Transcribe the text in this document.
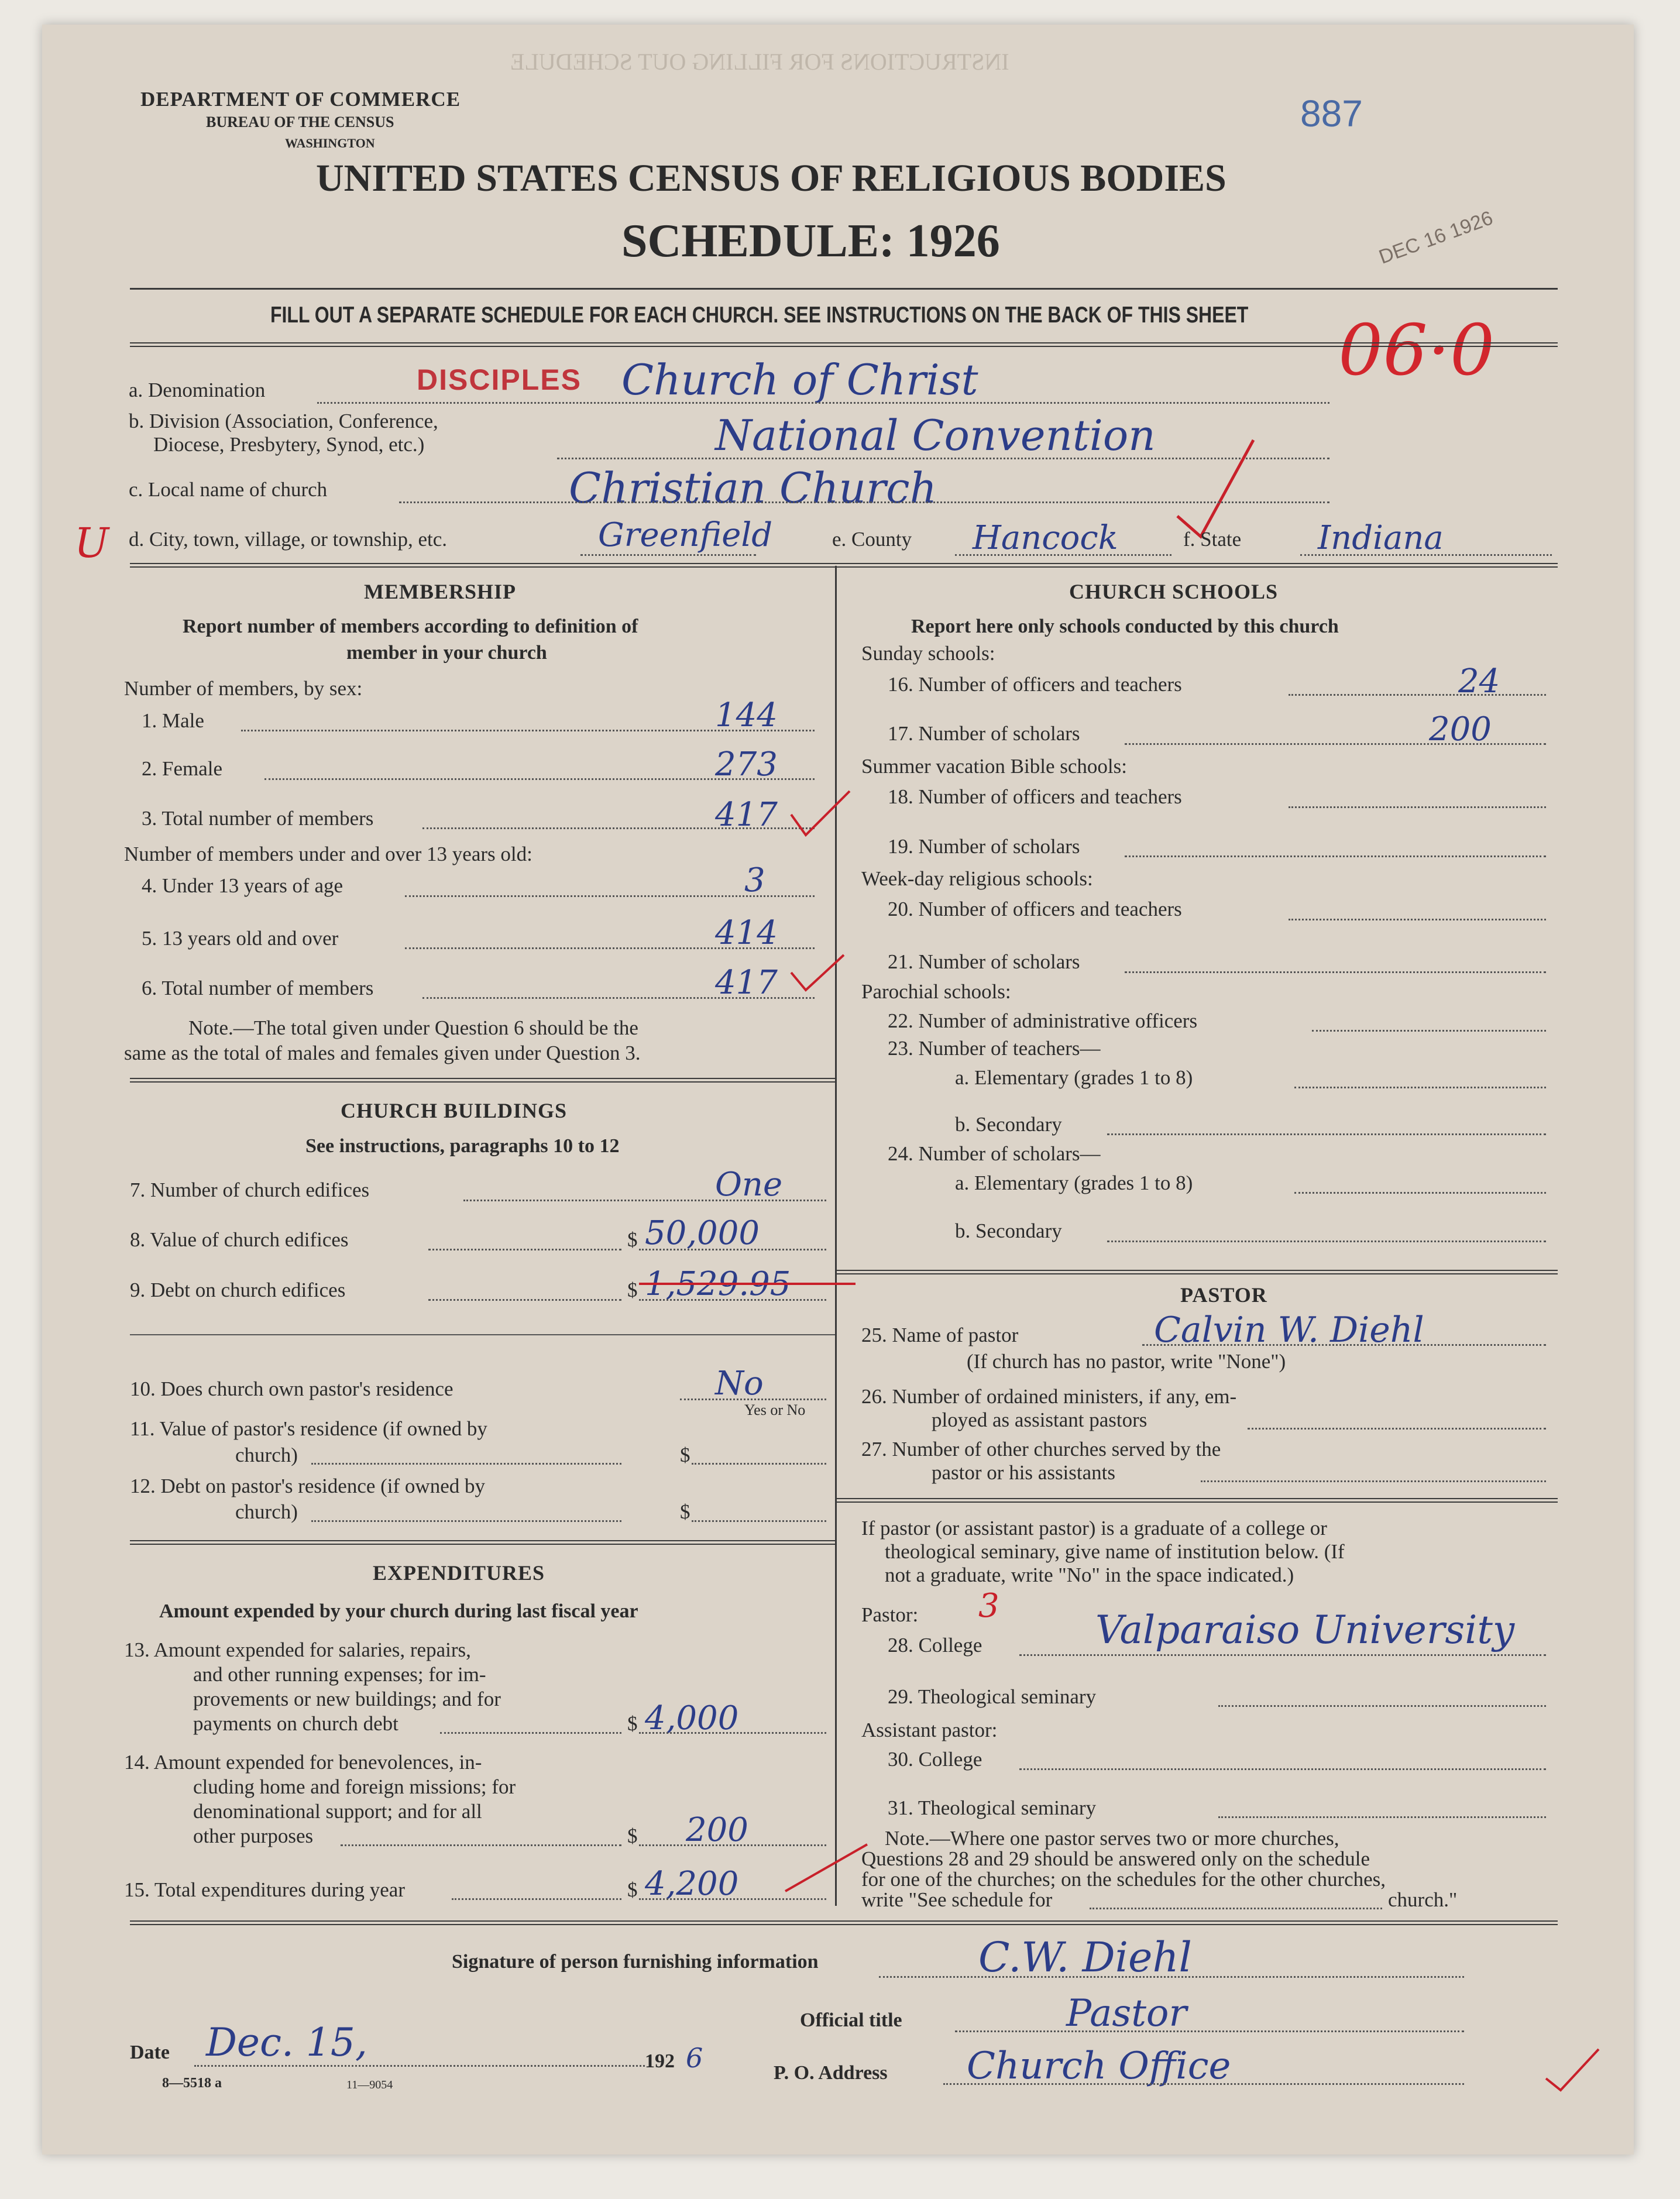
INSTRUCTIONS FOR FILLING OUT SCHEDULE
DEPARTMENT OF COMMERCE
BUREAU OF THE CENSUS
WASHINGTON
887
DEC 16 1926
06·0
UNITED STATES CENSUS OF RELIGIOUS BODIES
SCHEDULE: 1926
FILL OUT A SEPARATE SCHEDULE FOR EACH CHURCH. SEE INSTRUCTIONS ON THE BACK OF THIS SHEET
a. Denomination	DISCIPLES Church of Christ
b. Division (Association, Conference,
Diocese, Presbytery, Synod, etc.)	National Convention
c. Local name of church	Christian Church
U d. City, town, village, or township, etc.	Greenfield	e. County Hancock	f. State Indiana
MEMBERSHIP
Report number of members according to definition of
member in your church
Number of members, by sex:
1. Male	144
2. Female	273
3. Total number of members	417
Number of members under and over 13 years old:
4. Under 13 years of age	3
5. 13 years old and over	414
6. Total number of members	417
Note.—The total given under Question 6 should be the
same as the total of males and females given under Question 3.
CHURCH BUILDINGS
See instructions, paragraphs 10 to 12
7. Number of church edifices	One
8. Value of church edifices	$ 50,000
9. Debt on church edifices	$ 1,529.95
10. Does church own pastor's residence	No
Yes or No
11. Value of pastor's residence (if owned by
church)	$
12. Debt on pastor's residence (if owned by
church)	$
EXPENDITURES
Amount expended by your church during last fiscal year
13. Amount expended for salaries, repairs,
and other running expenses; for im-
provements or new buildings; and for
payments on church debt	$ 4,000
14. Amount expended for benevolences, in-
cluding home and foreign missions; for
denominational support; and for all
other purposes	$ 200
15. Total expenditures during year	$ 4,200
CHURCH SCHOOLS
Report here only schools conducted by this church
Sunday schools:
16. Number of officers and teachers	24
17. Number of scholars	200
Summer vacation Bible schools:
18. Number of officers and teachers
19. Number of scholars
Week-day religious schools:
20. Number of officers and teachers
21. Number of scholars
Parochial schools:
22. Number of administrative officers
23. Number of teachers—
a. Elementary (grades 1 to 8)
b. Secondary
24. Number of scholars—
a. Elementary (grades 1 to 8)
b. Secondary
PASTOR
25. Name of pastor	Calvin W. Diehl
(If church has no pastor, write "None")
26. Number of ordained ministers, if any, em-
ployed as assistant pastors
27. Number of other churches served by the
pastor or his assistants
If pastor (or assistant pastor) is a graduate of a college or
theological seminary, give name of institution below. (If
not a graduate, write "No" in the space indicated.)
Pastor: 3
28. College	Valparaiso University
29. Theological seminary
Assistant pastor:
30. College
31. Theological seminary
Note.—Where one pastor serves two or more churches,
Questions 28 and 29 should be answered only on the schedule
for one of the churches; on the schedules for the other churches,
write "See schedule for	church."
Signature of person furnishing information	C.W. Diehl
Official title	Pastor
Date Dec. 15,	192 6	P. O. Address Church Office
8—5518 a	11—9054
